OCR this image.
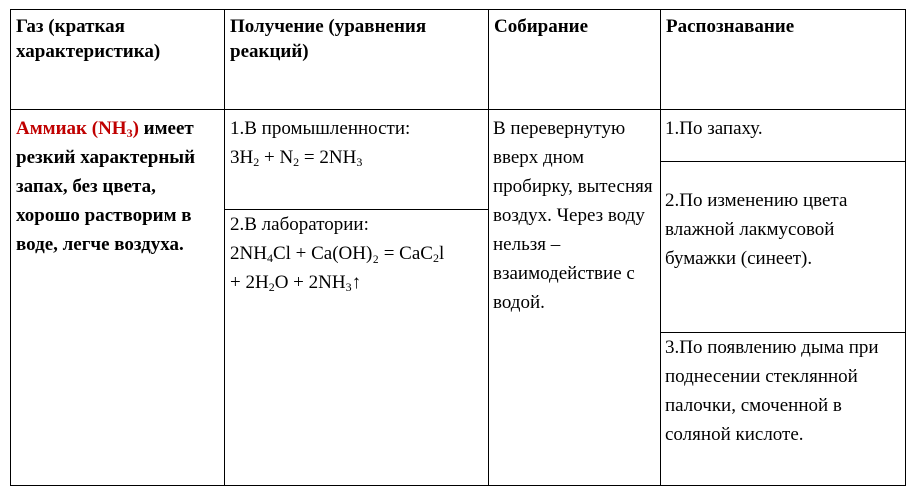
Газ (краткая характеристика)
Получение (уравнения реакций)
Собирание	Распознавание
Аммиак $(NH_3)$ имеет резкий характерный запах, без цвета, хорошо растворим в воде, легче воздуха.
1.В промышленности:
$3H_2 + N_2 = 2NH_3$
2.В лаборатории:
$2NH_4Cl + Ca(OH)_2 = CaC_2l$
+ $2H_2O$ + $2NH_3↑$
В перевернутую вверх дном пробирку, вытесняя воздух. Через воду нельзя – взаимодействие с водой.
1.По запаху.
2.По изменению цвета влажной лакмусовой бумажки (синеет).
3.По появлению дыма при поднесении стеклянной палочки, смоченной в соляной кислоте.
